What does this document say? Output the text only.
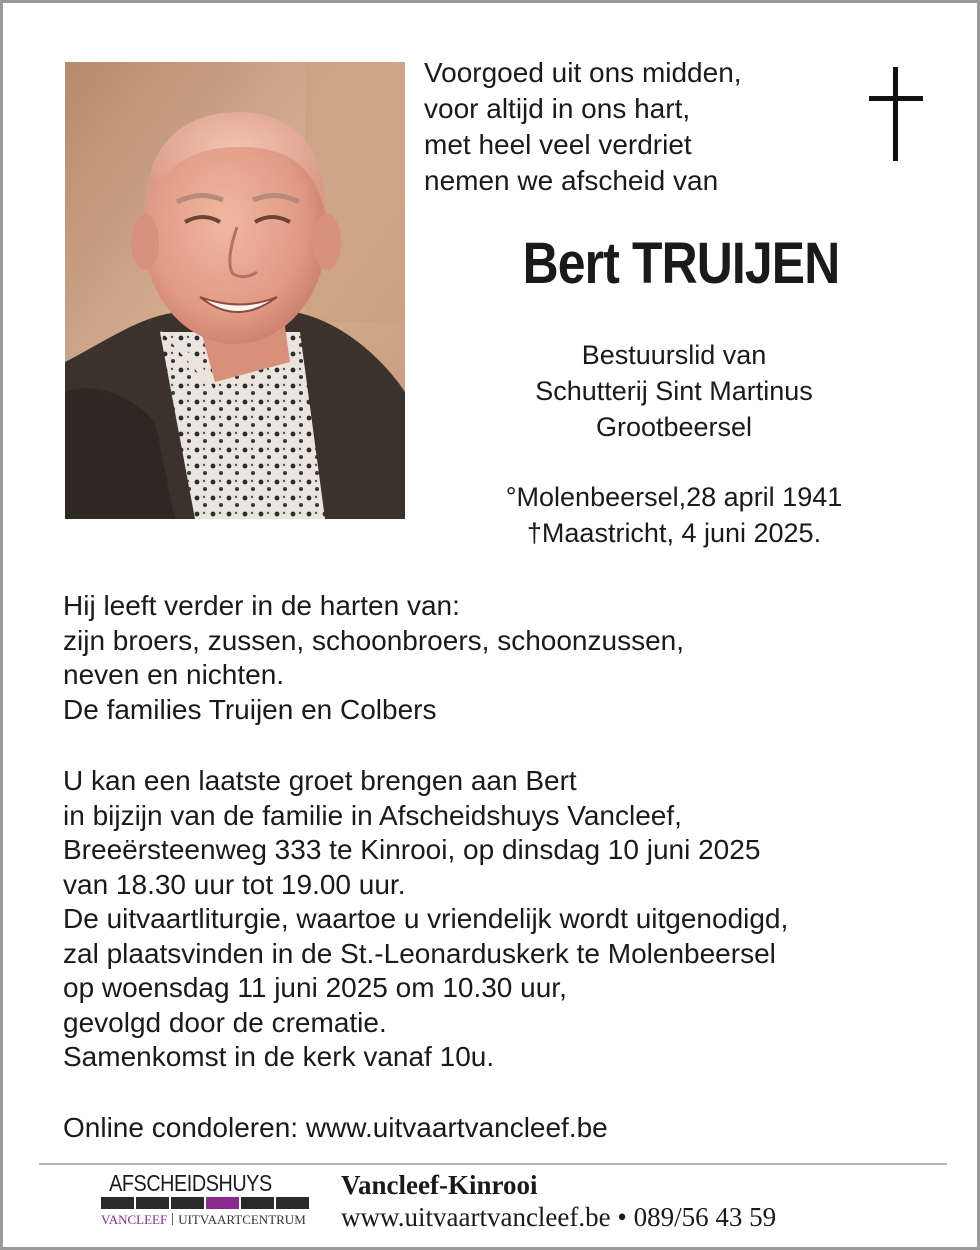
Voorgoed uit ons midden,
voor altijd in ons hart,
met heel veel verdriet
nemen we afscheid van
Bert TRUIJEN
Bestuurslid van
Schutterij Sint Martinus
Grootbeersel
°Molenbeersel,28 april 1941
†Maastricht, 4 juni 2025.
Hij leeft verder in de harten van:
zijn broers, zussen, schoonbroers, schoonzussen,
neven en nichten.
De families Truijen en Colbers
U kan een laatste groet brengen aan Bert
in bijzijn van de familie in Afscheidshuys Vancleef,
Breeërsteenweg 333 te Kinrooi, op dinsdag 10 juni 2025
van 18.30 uur tot 19.00 uur.
De uitvaartliturgie, waartoe u vriendelijk wordt uitgenodigd,
zal plaatsvinden in de St.-Leonarduskerk te Molenbeersel
op woensdag 11 juni 2025 om 10.30 uur,
gevolgd door de crematie.
Samenkomst in de kerk vanaf 10u.
Online condoleren: www.uitvaartvancleef.be
AFSCHEIDSHUYS
VANCLEEF UITVAARTCENTRUM
Vancleef-Kinrooi
www.uitvaartvancleef.be • 089/56 43 59
